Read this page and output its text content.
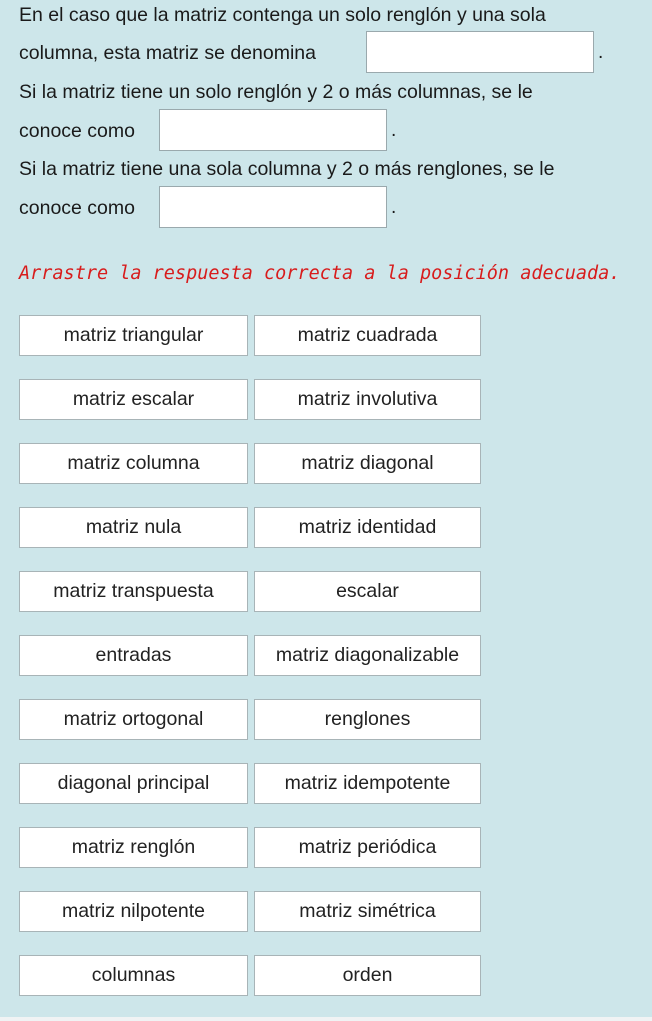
En el caso que la matriz contenga un solo renglón y una sola
columna, esta matriz se denomina	.
Si la matriz tiene un solo renglón y 2 o más columnas, se le
conoce como	.
Si la matriz tiene una sola columna y 2 o más renglones, se le
conoce como	.
Arrastre la respuesta correcta a la posición adecuada.
matriz triangular	matriz cuadrada
matriz escalar	matriz involutiva
matriz columna	matriz diagonal
matriz nula	matriz identidad
matriz transpuesta	escalar
entradas	matriz diagonalizable
matriz ortogonal	renglones
diagonal principal	matriz idempotente
matriz renglón	matriz periódica
matriz nilpotente	matriz simétrica
columnas	orden
